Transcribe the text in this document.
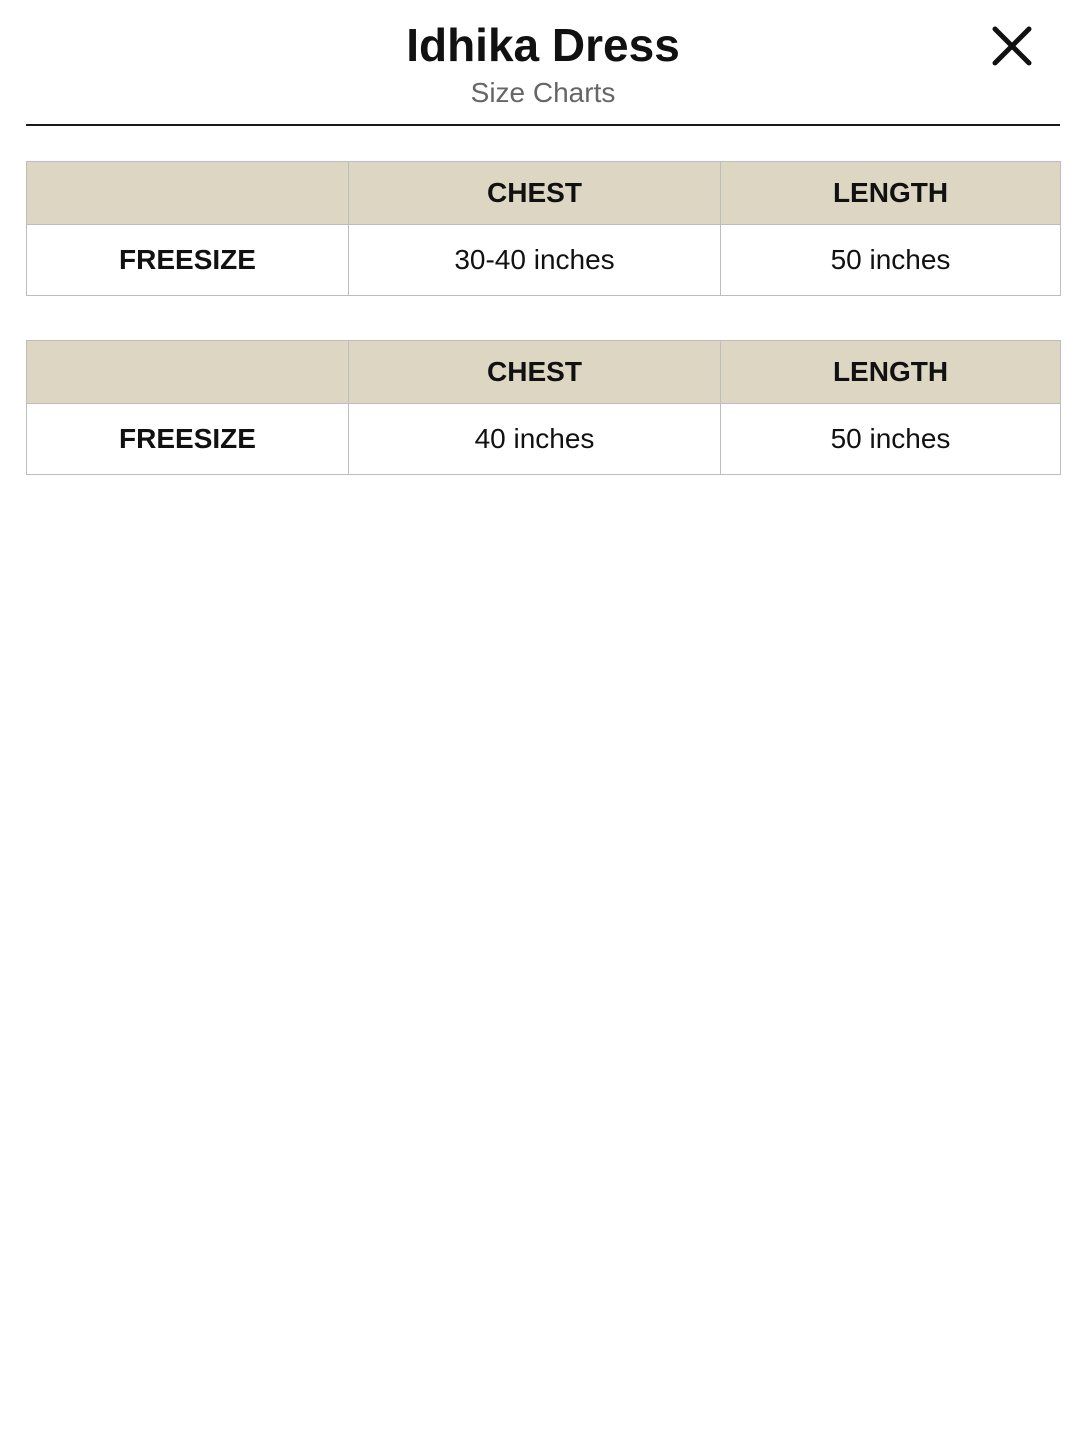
Idhika Dress
Size Charts
	CHEST	LENGTH
FREESIZE	30-40 inches	50 inches
	CHEST	LENGTH
FREESIZE	40 inches	50 inches
